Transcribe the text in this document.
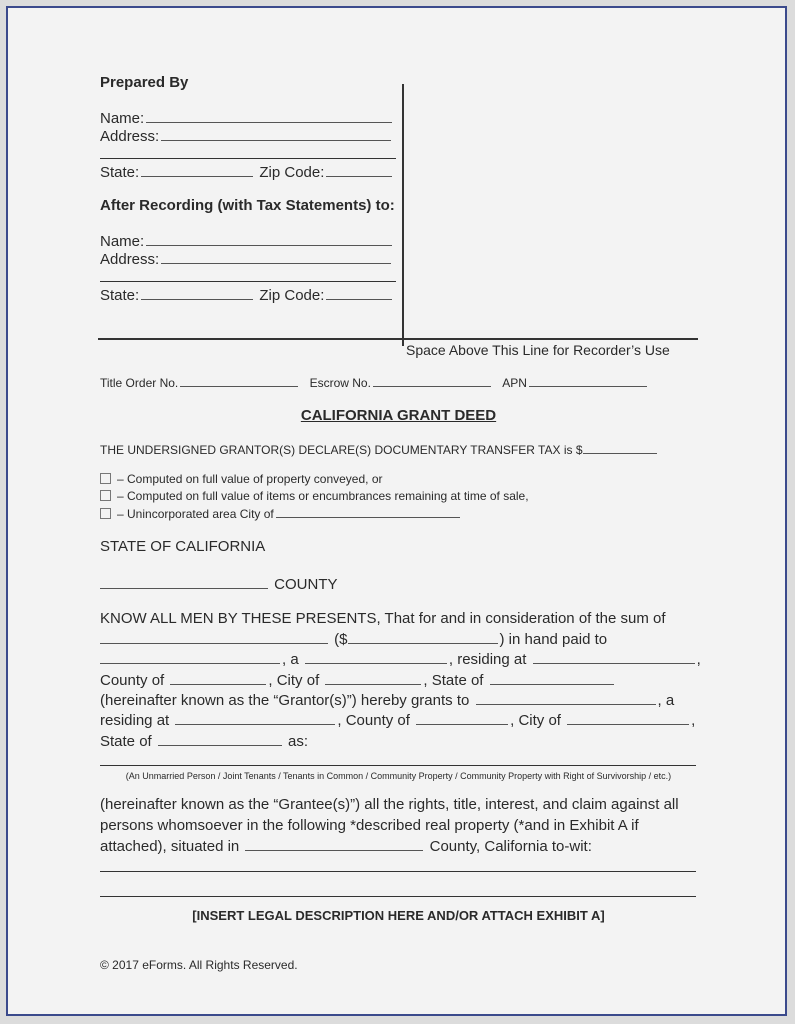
Prepared By
Name:
Address:
State:	Zip Code:
After Recording (with Tax Statements) to:
Name:
Address:
State:	Zip Code:
Space Above This Line for Recorder’s Use
Title Order No.	Escrow No.	APN
CALIFORNIA GRANT DEED
THE UNDERSIGNED GRANTOR(S) DECLARE(S) DOCUMENTARY TRANSFER TAX is $
– Computed on full value of property conveyed, or
– Computed on full value of items or encumbrances remaining at time of sale,
– Unincorporated area City of
STATE OF CALIFORNIA
COUNTY
KNOW ALL MEN BY THESE PRESENTS, That for and in consideration of the sum of
($	) in hand paid to
, a	, residing at	,
County of	, City of	, State of
(hereinafter known as the “Grantor(s)”) hereby grants to	, a
residing at	, County of	, City of	,
State of	as:
(An Unmarried Person / Joint Tenants / Tenants in Common / Community Property / Community Property with Right of Survivorship / etc.)
(hereinafter known as the “Grantee(s)”) all the rights, title, interest, and claim against all
persons whomsoever in the following *described real property (*and in Exhibit A if
attached), situated in	County, California to-wit:
[INSERT LEGAL DESCRIPTION HERE AND/OR ATTACH EXHIBIT A]
© 2017 eForms. All Rights Reserved.
